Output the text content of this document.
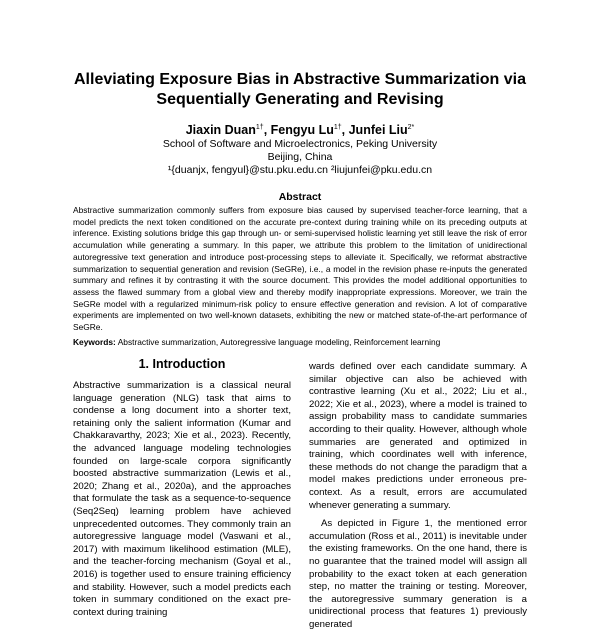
Alleviating Exposure Bias in Abstractive Summarization via
Sequentially Generating and Revising
Jiaxin Duan$^{1\dagger}$, Fengyu $Lu^{1\dagger}$, Junfei Liu$^{2*}$
School of Software and Microelectronics, Peking University
Beijing, China
¹{duanjx, fengyul}@stu.pku.edu.cn ²liujunfei@pku.edu.cn
Abstract

Abstractive summarization commonly suffers from exposure bias caused by supervised teacher-force learning, that a model predicts the next token conditioned on the accurate pre-context during training while on its preceding outputs at inference. Existing solutions bridge this gap through un- or semi-supervised holistic learning yet still leave the risk of error accumulation while generating a summary. In this paper, we attribute this problem to the limitation of unidirectional autoregressive text generation and introduce post-processing steps to alleviate it. Specifically, we reformat abstractive summarization to sequential generation and revision (SeGRe), i.e., a model in the revision phase re-inputs the generated summary and refines it by contrasting it with the source document. This provides the model additional opportunities to assess the flawed summary from a global view and thereby modify inappropriate expressions. Moreover, we train the SeGRe model with a regularized minimum-risk policy to ensure effective generation and revision. A lot of comparative experiments are implemented on two well-known datasets, exhibiting the new or matched state-of-the-art performance of SeGRe.

Keywords: Abstractive summarization, Autoregressive language modeling, Reinforcement learning

1. Introduction

Abstractive summarization is a classical neural language generation (NLG) task that aims to condense a long document into a shorter text, retaining only the salient information (Kumar and Chakkaravarthy, 2023; Xie et al., 2023). Recently, the advanced language modeling technologies founded on large-scale corpora significantly boosted abstractive summarization (Lewis et al., 2020; Zhang et al., 2020a), and the approaches that formulate the task as a sequence-to-sequence (Seq2Seq) learning problem have achieved unprecedented outcomes. They commonly train an autoregressive language model (Vaswani et al., 2017) with maximum likelihood estimation (MLE), and the teacher-forcing mechanism (Goyal et al., 2016) is together used to ensure training efficiency and stability. However, such a model predicts each token in summary conditioned on the exact pre-context during training

wards defined over each candidate summary. A similar objective can also be achieved with contrastive learning (Xu et al., 2022; Liu et al., 2022; Xie et al., 2023), where a model is trained to assign probability mass to candidate summaries according to their quality. However, although whole summaries are generated and optimized in training, which coordinates well with inference, these methods do not change the paradigm that a model makes predictions under erroneous pre-context. As a result, errors are accumulated whenever generating a summary.

As depicted in Figure 1, the mentioned error accumulation (Ross et al., 2011) is inevitable under the existing frameworks. On the one hand, there is no guarantee that the trained model will assign all probability to the exact token at each generation step, no matter the training or testing. Moreover, the autoregressive summary generation is a unidirectional process that features 1) previously generated
